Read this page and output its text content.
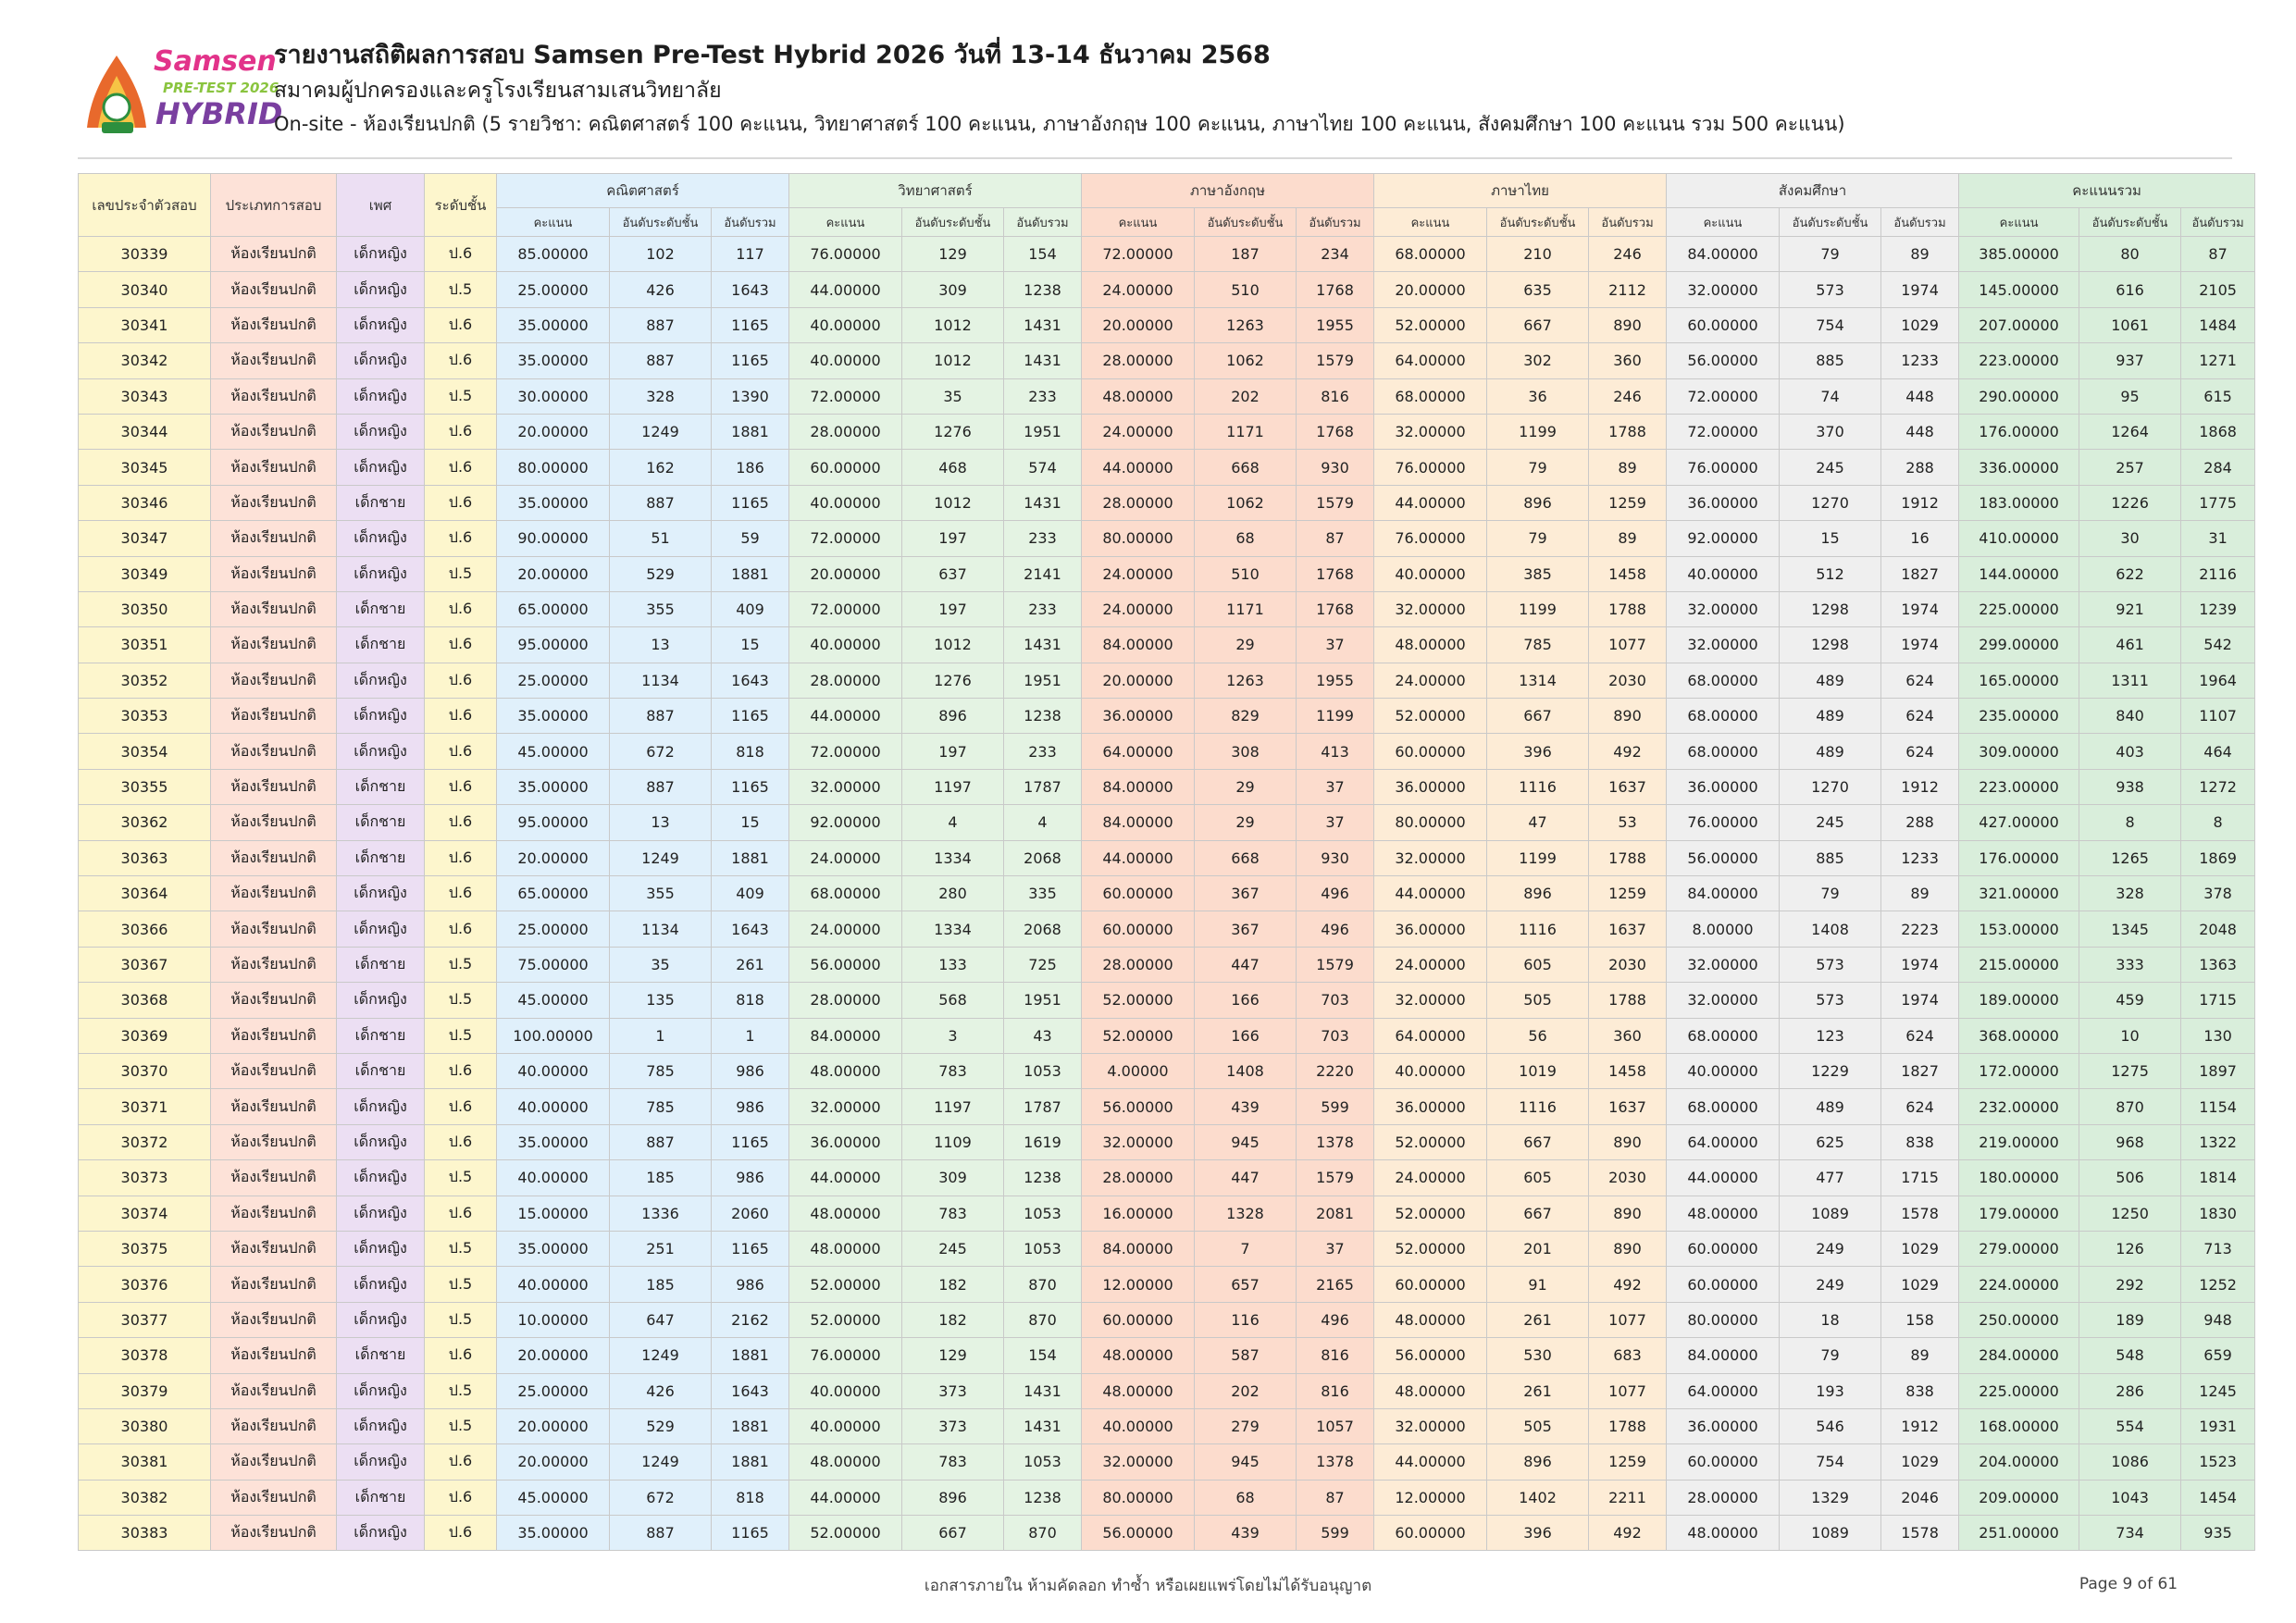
Samsen
PRE-TEST 2026
HYBRID
รายงานสถิติผลการสอบ Samsen Pre-Test Hybrid 2026 วันที่ 13-14 ธันวาคม 2568
สมาคมผู้ปกครองและครูโรงเรียนสามเสนวิทยาลัย
On-site - ห้องเรียนปกติ (5 รายวิชา: คณิตศาสตร์ 100 คะแนน, วิทยาศาสตร์ 100 คะแนน, ภาษาอังกฤษ 100 คะแนน, ภาษาไทย 100 คะแนน, สังคมศึกษา 100 คะแนน รวม 500 คะแนน)
เลขประจำตัวสอบ	ประเภทการสอบ	เพศ	ระดับชั้น	คณิตศาสตร์			วิทยาศาสตร์			ภาษาอังกฤษ			ภาษาไทย			สังคมศึกษา			คะแนนรวม		
				คะแนน	อันดับระดับชั้น	อันดับรวม	คะแนน	อันดับระดับชั้น	อันดับรวม	คะแนน	อันดับระดับชั้น	อันดับรวม	คะแนน	อันดับระดับชั้น	อันดับรวม	คะแนน	อันดับระดับชั้น	อันดับรวม	คะแนน	อันดับระดับชั้น	อันดับรวม
30339	ห้องเรียนปกติ	เด็กหญิง	ป.6	85.00000	102	117	76.00000	129	154	72.00000	187	234	68.00000	210	246	84.00000	79	89	385.00000	80	87
30340	ห้องเรียนปกติ	เด็กหญิง	ป.5	25.00000	426	1643	44.00000	309	1238	24.00000	510	1768	20.00000	635	2112	32.00000	573	1974	145.00000	616	2105
30341	ห้องเรียนปกติ	เด็กหญิง	ป.6	35.00000	887	1165	40.00000	1012	1431	20.00000	1263	1955	52.00000	667	890	60.00000	754	1029	207.00000	1061	1484
30342	ห้องเรียนปกติ	เด็กหญิง	ป.6	35.00000	887	1165	40.00000	1012	1431	28.00000	1062	1579	64.00000	302	360	56.00000	885	1233	223.00000	937	1271
30343	ห้องเรียนปกติ	เด็กหญิง	ป.5	30.00000	328	1390	72.00000	35	233	48.00000	202	816	68.00000	36	246	72.00000	74	448	290.00000	95	615
30344	ห้องเรียนปกติ	เด็กหญิง	ป.6	20.00000	1249	1881	28.00000	1276	1951	24.00000	1171	1768	32.00000	1199	1788	72.00000	370	448	176.00000	1264	1868
30345	ห้องเรียนปกติ	เด็กหญิง	ป.6	80.00000	162	186	60.00000	468	574	44.00000	668	930	76.00000	79	89	76.00000	245	288	336.00000	257	284
30346	ห้องเรียนปกติ	เด็กชาย	ป.6	35.00000	887	1165	40.00000	1012	1431	28.00000	1062	1579	44.00000	896	1259	36.00000	1270	1912	183.00000	1226	1775
30347	ห้องเรียนปกติ	เด็กหญิง	ป.6	90.00000	51	59	72.00000	197	233	80.00000	68	87	76.00000	79	89	92.00000	15	16	410.00000	30	31
30349	ห้องเรียนปกติ	เด็กหญิง	ป.5	20.00000	529	1881	20.00000	637	2141	24.00000	510	1768	40.00000	385	1458	40.00000	512	1827	144.00000	622	2116
30350	ห้องเรียนปกติ	เด็กชาย	ป.6	65.00000	355	409	72.00000	197	233	24.00000	1171	1768	32.00000	1199	1788	32.00000	1298	1974	225.00000	921	1239
30351	ห้องเรียนปกติ	เด็กชาย	ป.6	95.00000	13	15	40.00000	1012	1431	84.00000	29	37	48.00000	785	1077	32.00000	1298	1974	299.00000	461	542
30352	ห้องเรียนปกติ	เด็กหญิง	ป.6	25.00000	1134	1643	28.00000	1276	1951	20.00000	1263	1955	24.00000	1314	2030	68.00000	489	624	165.00000	1311	1964
30353	ห้องเรียนปกติ	เด็กหญิง	ป.6	35.00000	887	1165	44.00000	896	1238	36.00000	829	1199	52.00000	667	890	68.00000	489	624	235.00000	840	1107
30354	ห้องเรียนปกติ	เด็กหญิง	ป.6	45.00000	672	818	72.00000	197	233	64.00000	308	413	60.00000	396	492	68.00000	489	624	309.00000	403	464
30355	ห้องเรียนปกติ	เด็กชาย	ป.6	35.00000	887	1165	32.00000	1197	1787	84.00000	29	37	36.00000	1116	1637	36.00000	1270	1912	223.00000	938	1272
30362	ห้องเรียนปกติ	เด็กชาย	ป.6	95.00000	13	15	92.00000	4	4	84.00000	29	37	80.00000	47	53	76.00000	245	288	427.00000	8	8
30363	ห้องเรียนปกติ	เด็กชาย	ป.6	20.00000	1249	1881	24.00000	1334	2068	44.00000	668	930	32.00000	1199	1788	56.00000	885	1233	176.00000	1265	1869
30364	ห้องเรียนปกติ	เด็กหญิง	ป.6	65.00000	355	409	68.00000	280	335	60.00000	367	496	44.00000	896	1259	84.00000	79	89	321.00000	328	378
30366	ห้องเรียนปกติ	เด็กหญิง	ป.6	25.00000	1134	1643	24.00000	1334	2068	60.00000	367	496	36.00000	1116	1637	8.00000	1408	2223	153.00000	1345	2048
30367	ห้องเรียนปกติ	เด็กชาย	ป.5	75.00000	35	261	56.00000	133	725	28.00000	447	1579	24.00000	605	2030	32.00000	573	1974	215.00000	333	1363
30368	ห้องเรียนปกติ	เด็กหญิง	ป.5	45.00000	135	818	28.00000	568	1951	52.00000	166	703	32.00000	505	1788	32.00000	573	1974	189.00000	459	1715
30369	ห้องเรียนปกติ	เด็กชาย	ป.5	100.00000	1	1	84.00000	3	43	52.00000	166	703	64.00000	56	360	68.00000	123	624	368.00000	10	130
30370	ห้องเรียนปกติ	เด็กชาย	ป.6	40.00000	785	986	48.00000	783	1053	4.00000	1408	2220	40.00000	1019	1458	40.00000	1229	1827	172.00000	1275	1897
30371	ห้องเรียนปกติ	เด็กหญิง	ป.6	40.00000	785	986	32.00000	1197	1787	56.00000	439	599	36.00000	1116	1637	68.00000	489	624	232.00000	870	1154
30372	ห้องเรียนปกติ	เด็กหญิง	ป.6	35.00000	887	1165	36.00000	1109	1619	32.00000	945	1378	52.00000	667	890	64.00000	625	838	219.00000	968	1322
30373	ห้องเรียนปกติ	เด็กหญิง	ป.5	40.00000	185	986	44.00000	309	1238	28.00000	447	1579	24.00000	605	2030	44.00000	477	1715	180.00000	506	1814
30374	ห้องเรียนปกติ	เด็กหญิง	ป.6	15.00000	1336	2060	48.00000	783	1053	16.00000	1328	2081	52.00000	667	890	48.00000	1089	1578	179.00000	1250	1830
30375	ห้องเรียนปกติ	เด็กหญิง	ป.5	35.00000	251	1165	48.00000	245	1053	84.00000	7	37	52.00000	201	890	60.00000	249	1029	279.00000	126	713
30376	ห้องเรียนปกติ	เด็กหญิง	ป.5	40.00000	185	986	52.00000	182	870	12.00000	657	2165	60.00000	91	492	60.00000	249	1029	224.00000	292	1252
30377	ห้องเรียนปกติ	เด็กหญิง	ป.5	10.00000	647	2162	52.00000	182	870	60.00000	116	496	48.00000	261	1077	80.00000	18	158	250.00000	189	948
30378	ห้องเรียนปกติ	เด็กชาย	ป.6	20.00000	1249	1881	76.00000	129	154	48.00000	587	816	56.00000	530	683	84.00000	79	89	284.00000	548	659
30379	ห้องเรียนปกติ	เด็กหญิง	ป.5	25.00000	426	1643	40.00000	373	1431	48.00000	202	816	48.00000	261	1077	64.00000	193	838	225.00000	286	1245
30380	ห้องเรียนปกติ	เด็กหญิง	ป.5	20.00000	529	1881	40.00000	373	1431	40.00000	279	1057	32.00000	505	1788	36.00000	546	1912	168.00000	554	1931
30381	ห้องเรียนปกติ	เด็กหญิง	ป.6	20.00000	1249	1881	48.00000	783	1053	32.00000	945	1378	44.00000	896	1259	60.00000	754	1029	204.00000	1086	1523
30382	ห้องเรียนปกติ	เด็กชาย	ป.6	45.00000	672	818	44.00000	896	1238	80.00000	68	87	12.00000	1402	2211	28.00000	1329	2046	209.00000	1043	1454
30383	ห้องเรียนปกติ	เด็กหญิง	ป.6	35.00000	887	1165	52.00000	667	870	56.00000	439	599	60.00000	396	492	48.00000	1089	1578	251.00000	734	935
เอกสารภายใน ห้ามคัดลอก ทำซ้ำ หรือเผยแพร่โดยไม่ได้รับอนุญาต	Page 9 of 61
